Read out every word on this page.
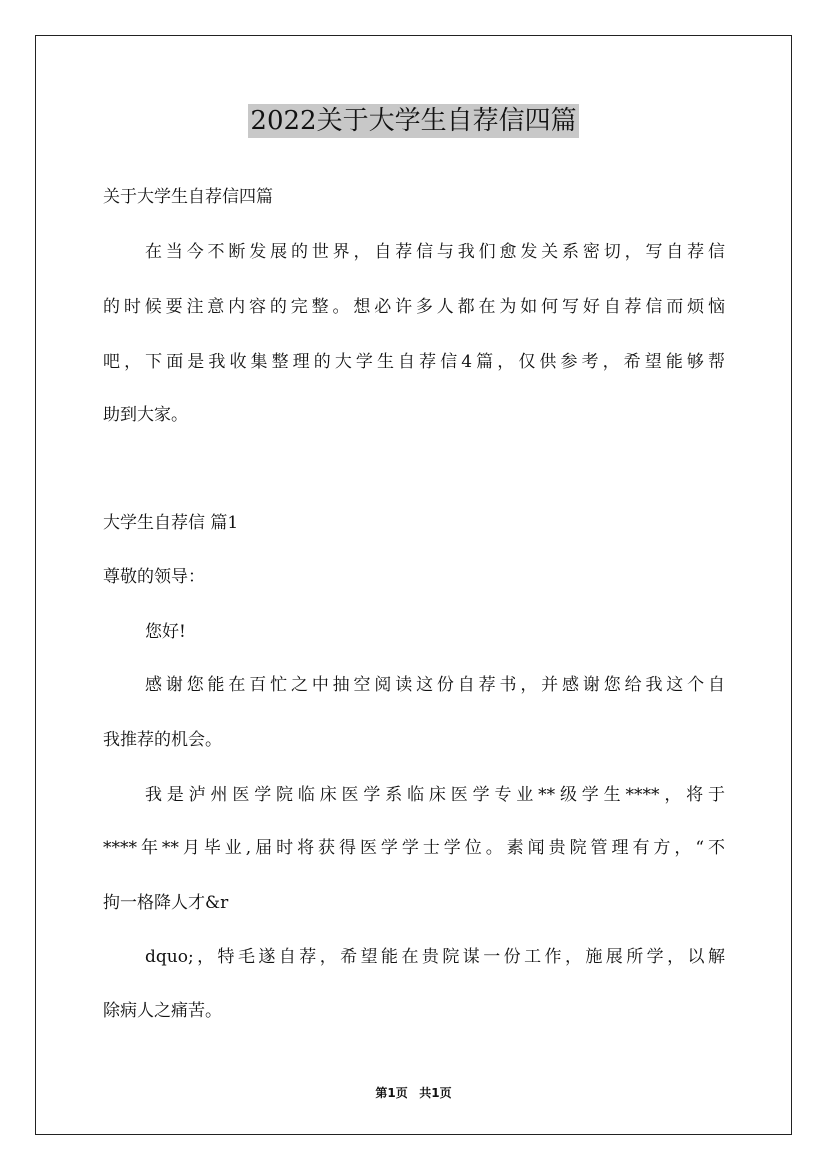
2022关于大学生自荐信四篇
关于大学生自荐信四篇
在当今不断发展的世界，自荐信与我们愈发关系密切，写自荐信
的时候要注意内容的完整。想必许多人都在为如何写好自荐信而烦恼
吧，下面是我收集整理的大学生自荐信4篇，仅供参考，希望能够帮
助到大家。
大学生自荐信 篇1
尊敬的领导：
您好!
感谢您能在百忙之中抽空阅读这份自荐书，并感谢您给我这个自
我推荐的机会。
我是泸州医学院临床医学系临床医学专业**级学生****，将于
****年**月毕业,届时将获得医学学士学位。素闻贵院管理有方，“不
拘一格降人才&r
dquo;，特毛遂自荐，希望能在贵院谋一份工作，施展所学，以解
除病人之痛苦。
第1页 共1页
